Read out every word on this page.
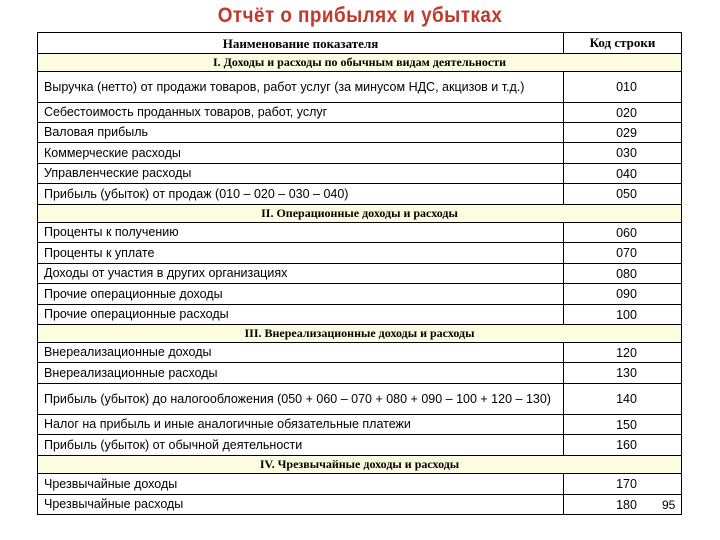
Отчёт о прибылях и убытках
Наименование показателя	Код строки
I. Доходы и расходы по обычным видам деятельности
Выручка (нетто) от продажи товаров, работ услуг (за минусом НДС, акцизов и т.д.)	010
Себестоимость проданных товаров, работ, услуг	020
Валовая прибыль	029
Коммерческие расходы	030
Управленческие расходы	040
Прибыль (убыток) от продаж (010 – 020 – 030 – 040)	050
II. Операционные доходы и расходы
Проценты к получению	060
Проценты к уплате	070
Доходы от участия в других организациях	080
Прочие операционные доходы	090
Прочие операционные расходы	100
III. Внереализационные доходы и расходы
Внереализационные доходы	120
Внереализационные расходы	130
Прибыль (убыток) до налогообложения (050 + 060 – 070 + 080 + 090 – 100 + 120 – 130)	140
Налог на прибыль и иные аналогичные обязательные платежи	150
Прибыль (убыток) от обычной деятельности	160
IV. Чрезвычайные доходы и расходы
Чрезвычайные доходы	170
Чрезвычайные расходы	180	95
